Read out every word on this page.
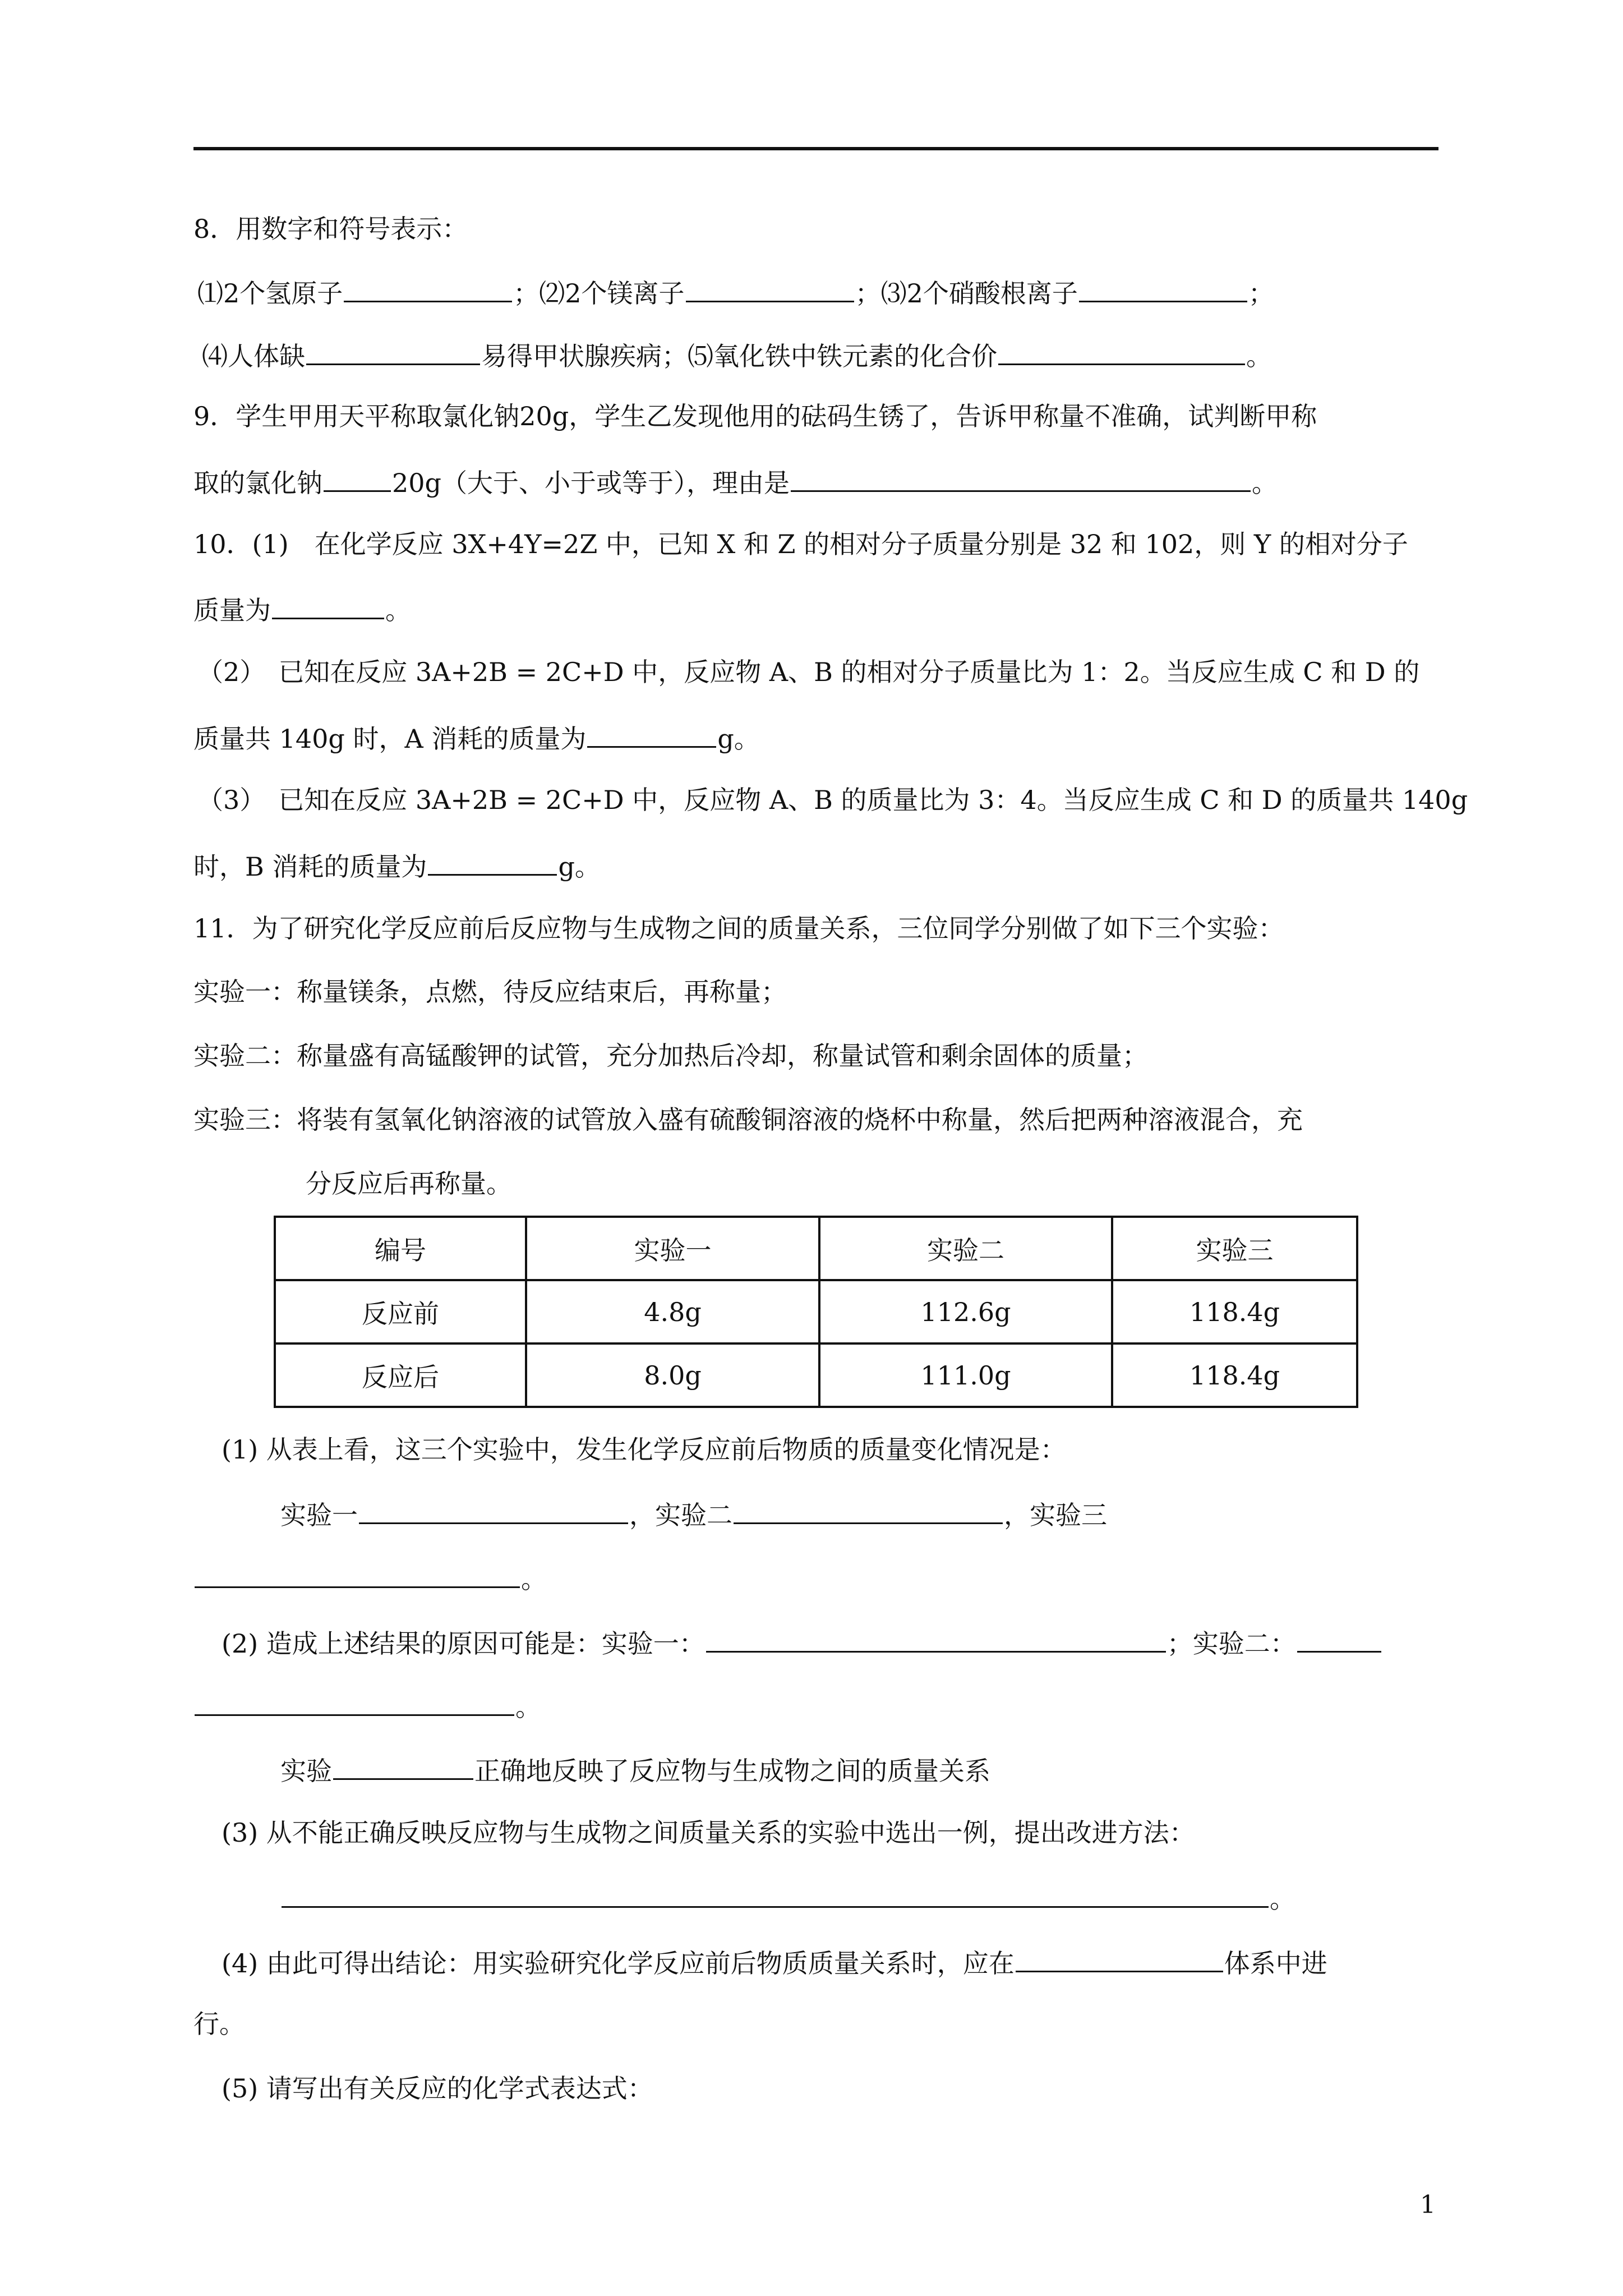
8．用数字和符号表示：
⑴2个氢原子	；⑵2个镁离子	；⑶2个硝酸根离子	；
⑷人体缺	易得甲状腺疾病；⑸氧化铁中铁元素的化合价	。
9．学生甲用天平称取氯化钠20g，学生乙发现他用的砝码生锈了，告诉甲称量不准确，试判断甲称
取的氯化钠	20g（大于、小于或等于），理由是	。
10．(1)　在化学反应 3X+4Y=2Z 中，已知 X 和 Z 的相对分子质量分别是 32 和 102，则 Y 的相对分子
质量为	。
（2）　已知在反应 3A+2B = 2C+D 中，反应物 A、B 的相对分子质量比为 1：2。当反应生成 C 和 D 的
质量共 140g 时，A 消耗的质量为	g。
（3）　已知在反应 3A+2B = 2C+D 中，反应物 A、B 的质量比为 3：4。当反应生成 C 和 D 的质量共 140g
时，B 消耗的质量为	g。
11．为了研究化学反应前后反应物与生成物之间的质量关系，三位同学分别做了如下三个实验：
实验一：称量镁条，点燃，待反应结束后，再称量；
实验二：称量盛有高锰酸钾的试管，充分加热后冷却，称量试管和剩余固体的质量；
实验三：将装有氢氧化钠溶液的试管放入盛有硫酸铜溶液的烧杯中称量，然后把两种溶液混合，充
分反应后再称量。
编号	实验一	实验二	实验三
反应前	4.8g	112.6g	118.4g
反应后	8.0g	111.0g	118.4g
(1) 从表上看，这三个实验中，发生化学反应前后物质的质量变化情况是：
实验一	，实验二	，实验三
。
(2) 造成上述结果的原因可能是：实验一：	；实验二：
。
实验	正确地反映了反应物与生成物之间的质量关系
(3) 从不能正确反映反应物与生成物之间质量关系的实验中选出一例，提出改进方法：
。
(4) 由此可得出结论：用实验研究化学反应前后物质质量关系时，应在	体系中进
行。
(5) 请写出有关反应的化学式表达式：
1
